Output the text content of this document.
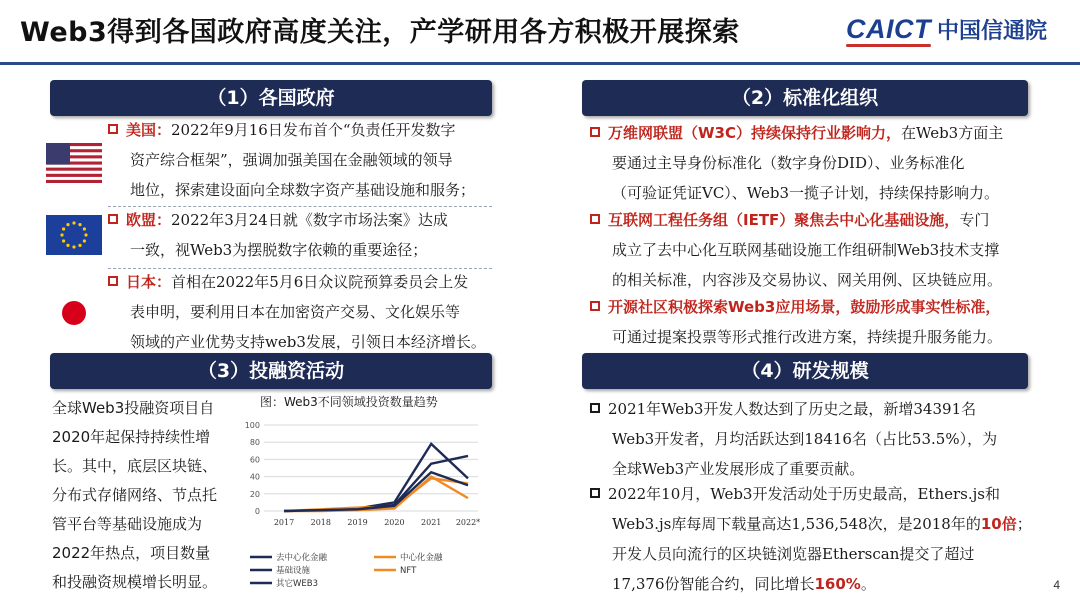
Web3得到各国政府高度关注，产学研用各方积极开展探索	CAICT 中国信通院
（1）各国政府	（2）标准化组织
（3）投融资活动	（4）研发规模
美国：2022年9月16日发布首个“负责任开发数字
资产综合框架”，强调加强美国在金融领域的领导
地位，探索建设面向全球数字资产基础设施和服务；
欧盟：2022年3月24日就《数字市场法案》达成
一致，视Web3为摆脱数字依赖的重要途径；
日本：首相在2022年5月6日众议院预算委员会上发
表申明，要利用日本在加密资产交易、文化娱乐等
领域的产业优势支持web3发展，引领日本经济增长。
万维网联盟（W3C）持续保持行业影响力，在Web3方面主
要通过主导身份标准化（数字身份DID）、业务标准化
（可验证凭证VC）、Web3一揽子计划，持续保持影响力。
互联网工程任务组（IETF）聚焦去中心化基础设施，专门
成立了去中心化互联网基础设施工作组研制Web3技术支撑
的相关标准，内容涉及交易协议、网关用例、区块链应用。
开源社区积极探索Web3应用场景，鼓励形成事实性标准，
可通过提案投票等形式推行改进方案，持续提升服务能力。
全球Web3投融资项目自
2020年起保持持续性增
长。其中，底层区块链、
分布式存储网络、节点托
管平台等基础设施成为
2022年热点，项目数量
和投融资规模增长明显。
图：Web3不同领域投资数量趋势
0
20
40
60
80
100
2017 2018 2019 2020 2021 2022*
去中心化金融	中心化金融
基础设施	NFT
其它WEB3
2021年Web3开发人数达到了历史之最，新增34391名
Web3开发者，月均活跃达到18416名（占比53.5%），为
全球Web3产业发展形成了重要贡献。
2022年10月，Web3开发活动处于历史最高，Ethers.js和
Web3.js库每周下载量高达1,536,548次，是2018年的10倍；
开发人员向流行的区块链浏览器Etherscan提交了超过
17,376份智能合约，同比增长160%。	4
